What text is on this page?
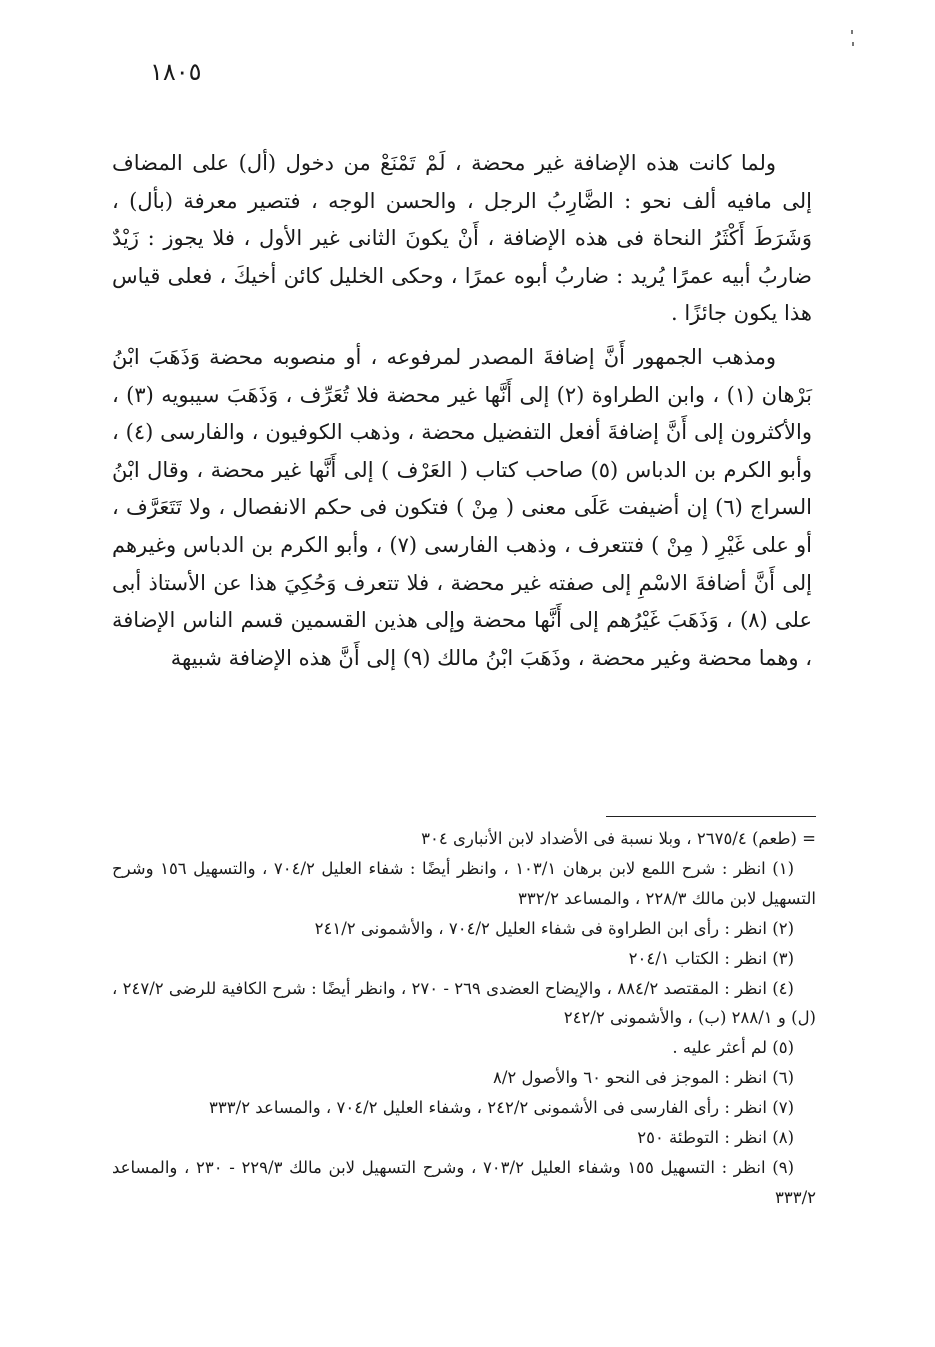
١٨٠٥

ولما كانت هذه الإضافة غير محضة ، لَمْ تَمْنَعْ من دخول (أل) على المضاف إلى مافيه ألف نحو : الضَّارِبُ الرجل ، والحسن الوجه ، فتصير معرفة (بأل) ، وَشَرَطَ أَكْثَرُ النحاة فى هذه الإضافة ، أَنْ يكونَ الثانى غير الأول ، فلا يجوز : زَيْدٌ ضاربُ أبيه عمرًا يُريد : ضاربُ أبوه عمرًا ، وحكى الخليل كائن أخيكَ ، فعلى قياس هذا يكون جائزًا .

ومذهب الجمهور أَنَّ إضافةَ المصدر لمرفوعه ، أو منصوبه محضة وَذَهَبَ ابْنُ بَرْهان (١) ، وابن الطراوة (٢) إلى أَنَّها غير محضة فلا تُعَرِّف ، وَذَهَبَ سيبويه (٣) ، والأكثرون إلى أَنَّ إضافةَ أفعل التفضيل محضة ، وذهب الكوفيون ، والفارسى (٤) ، وأبو الكرم بن الدباس (٥) صاحب كتاب ( العَرْف ) إلى أَنَّها غير محضة ، وقال ابْنُ السراج (٦) إن أضيفت عَلَى معنى ( مِنْ ) فتكون فى حكم الانفصال ، ولا تَتَعَرَّف ، أو على غَيْرِ ( مِنْ ) فتتعرف ، وذهب الفارسى (٧) ، وأبو الكرم بن الدباس وغيرهم إلى أَنَّ أضافةَ الاسْمِ إلى صفته غير محضة ، فلا تتعرف وَحُكِيَ هذا عن الأستاذ أبى على (٨) ، وَذَهَبَ غَيْرُهم إلى أَنَّها محضة وإلى هذين القسمين قسم الناس الإضافة ، وهما محضة وغير محضة ، وذَهَبَ ابْنُ مالك (٩) إلى أَنَّ هذه الإضافة شبيهة

= (طعم) ٢٦٧٥/٤ ، وبلا نسبة فى الأضداد لابن الأنبارى ٣٠٤

(١) انظر : شرح اللمع لابن برهان ١٠٣/١ ، وانظر أيضًا : شفاء العليل ٧٠٤/٢ ، والتسهيل ١٥٦ وشرح التسهيل لابن مالك ٢٢٨/٣ ، والمساعد ٣٣٢/٢

(٢) انظر : رأى ابن الطراوة فى شفاء العليل ٧٠٤/٢ ، والأشمونى ٢٤١/٢

(٣) انظر : الكتاب ٢٠٤/١

(٤) انظر : المقتصد ٨٨٤/٢ ، والإيضاح العضدى ٢٦٩ - ٢٧٠ ، وانظر أيضًا : شرح الكافية للرضى ٢٤٧/٢ ، (ل) و ٢٨٨/١ (ب) ، والأشمونى ٢٤٢/٢

(٥) لم أعثر عليه .

(٦) انظر : الموجز فى النحو ٦٠ والأصول ٨/٢

(٧) انظر : رأى الفارسى فى الأشمونى ٢٤٢/٢ ، وشفاء العليل ٧٠٤/٢ ، والمساعد ٣٣٣/٢

(٨) انظر : التوطئة ٢٥٠

(٩) انظر : التسهيل ١٥٥ وشفاء العليل ٧٠٣/٢ ، وشرح التسهيل لابن مالك ٢٢٩/٣ - ٢٣٠ ، والمساعد ٣٣٣/٢
